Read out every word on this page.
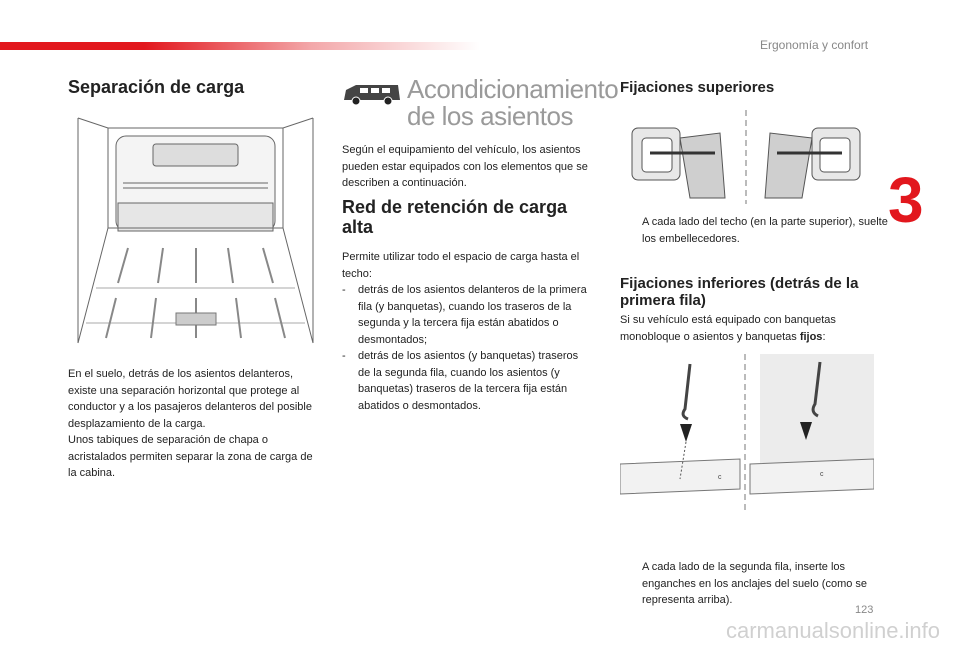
Ergonomía y confort
3
Separación de carga
En el suelo, detrás de los asientos delanteros, existe una separación horizontal que protege al conductor y a los pasajeros delanteros del posible desplazamiento de la carga.
Unos tabiques de separación de chapa o acristalados permiten separar la zona de carga de la cabina.
Acondicionamiento
de los asientos
Según el equipamiento del vehículo, los asientos pueden estar equipados con los elementos que se describen a continuación.
Red de retención de carga alta
Permite utilizar todo el espacio de carga hasta el techo:
- detrás de los asientos delanteros de la primera fila (y banquetas), cuando los traseros de la segunda y la tercera fija están abatidos o desmontados;
- detrás de los asientos (y banquetas) traseros de la segunda fila, cuando los asientos (y banquetas) traseros de la tercera fija están abatidos o desmontados.
Fijaciones superiores
A cada lado del techo (en la parte superior), suelte los embellecedores.
Fijaciones inferiores (detrás de la primera fila)
Si su vehículo está equipado con banquetas monobloque o asientos y banquetas fijos:
c	c
A cada lado de la segunda fila, inserte los enganches en los anclajes del suelo (como se representa arriba).
123
carmanualsonline.info
